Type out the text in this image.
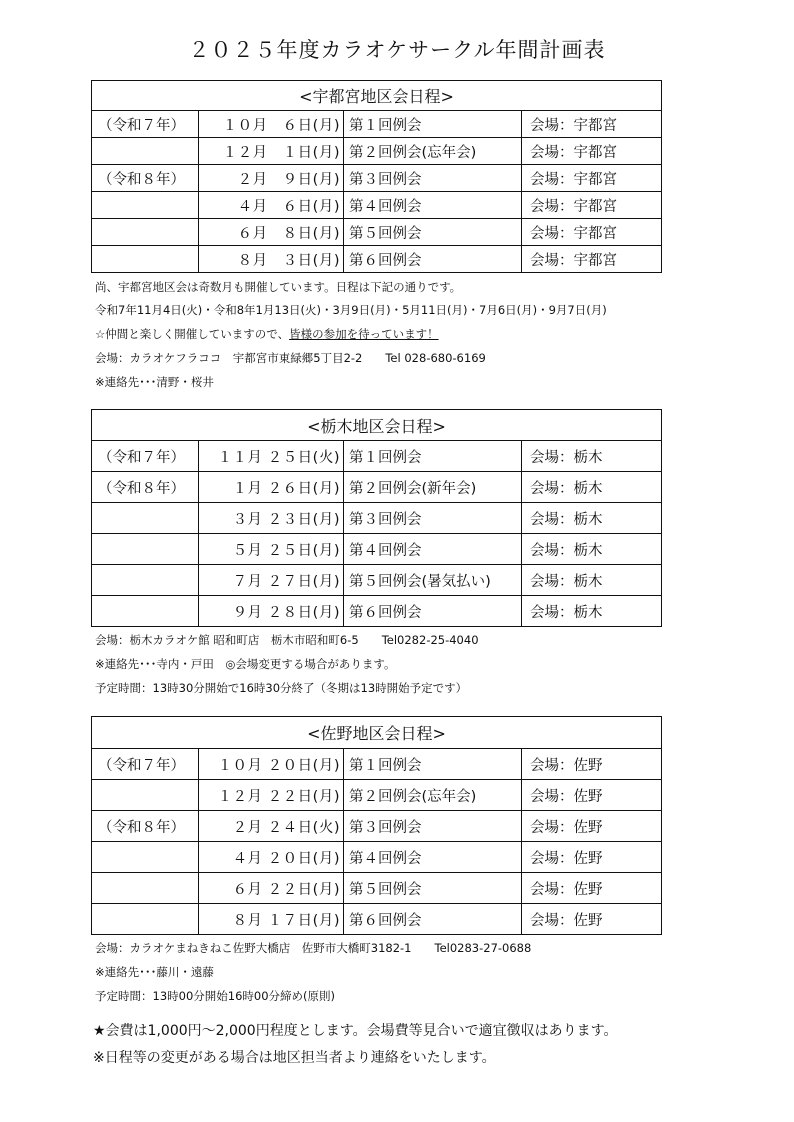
２０２５年度カラオケサークル年間計画表
<宇都宮地区会日程>			
（令和７年）	１０月　６日(月)	第１回例会	会場：宇都宮
	１２月　１日(月)	第２回例会(忘年会)	会場：宇都宮
（令和８年）	２月　９日(月)	第３回例会	会場：宇都宮
	４月　６日(月)	第４回例会	会場：宇都宮
	６月　８日(月)	第５回例会	会場：宇都宮
	８月　３日(月)	第６回例会	会場：宇都宮
尚、宇都宮地区会は奇数月も開催しています。日程は下記の通りです。
令和7年11月4日(火)・令和8年1月13日(火)・3月9日(月)・5月11日(月)・7月6日(月)・9月7日(月)
☆仲間と楽しく開催していますので、皆様の参加を待っています！
会場：カラオケフラココ　宇都宮市東緑郷5丁目2-2　　Tel 028-680-6169
※連絡先･･･清野・桜井
<栃木地区会日程>			
（令和７年）	１１月 ２５日(火)	第１回例会	会場：栃木
（令和８年）	１月 ２６日(月)	第２回例会(新年会)	会場：栃木
	３月 ２３日(月)	第３回例会	会場：栃木
	５月 ２５日(月)	第４回例会	会場：栃木
	７月 ２７日(月)	第５回例会(暑気払い)	会場：栃木
	９月 ２８日(月)	第６回例会	会場：栃木
会場：栃木カラオケ館 昭和町店　栃木市昭和町6-5　　Tel0282-25-4040
※連絡先･･･寺内・戸田　◎会場変更する場合があります。
予定時間：13時30分開始で16時30分終了（冬期は13時開始予定です）
<佐野地区会日程>			
（令和７年）	１０月 ２０日(月)	第１回例会	会場：佐野
	１２月 ２２日(月)	第２回例会(忘年会)	会場：佐野
（令和８年）	２月 ２４日(火)	第３回例会	会場：佐野
	４月 ２０日(月)	第４回例会	会場：佐野
	６月 ２２日(月)	第５回例会	会場：佐野
	８月 １７日(月)	第６回例会	会場：佐野
会場：カラオケまねきねこ佐野大橋店　佐野市大橋町3182-1　　Tel0283-27-0688
※連絡先･･･藤川・遠藤
予定時間：13時00分開始16時00分締め(原則)
★会費は1,000円～2,000円程度とします。会場費等見合いで適宜徴収はあります。
※日程等の変更がある場合は地区担当者より連絡をいたします。
